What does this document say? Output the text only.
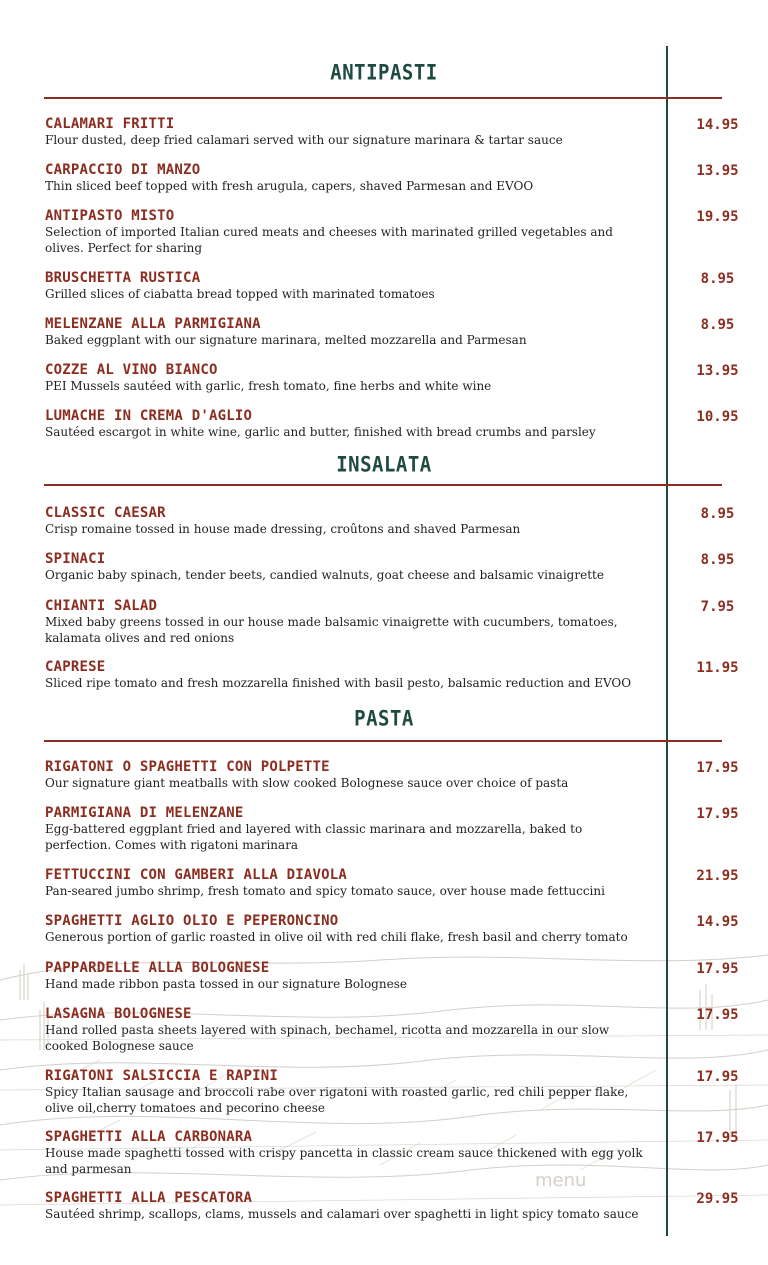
menu
ANTIPASTI
CALAMARI FRITTI
Flour dusted, deep fried calamari served with our signature marinara & tartar sauce
14.95
CARPACCIO DI MANZO
Thin sliced beef topped with fresh arugula, capers, shaved Parmesan and EVOO
13.95
ANTIPASTO MISTO
Selection of imported Italian cured meats and cheeses with marinated grilled vegetables and olives. Perfect for sharing
19.95
BRUSCHETTA RUSTICA
Grilled slices of ciabatta bread topped with marinated tomatoes
8.95
MELENZANE ALLA PARMIGIANA
Baked eggplant with our signature marinara, melted mozzarella and Parmesan
8.95
COZZE AL VINO BIANCO
PEI Mussels sautéed with garlic, fresh tomato, fine herbs and white wine
13.95
LUMACHE IN CREMA D'AGLIO
Sautéed escargot in white wine, garlic and butter, finished with bread crumbs and parsley
10.95
INSALATA
CLASSIC CAESAR
Crisp romaine tossed in house made dressing, croûtons and shaved Parmesan
8.95
SPINACI
Organic baby spinach, tender beets, candied walnuts, goat cheese and balsamic vinaigrette
8.95
CHIANTI SALAD
Mixed baby greens tossed in our house made balsamic vinaigrette with cucumbers, tomatoes, kalamata olives and red onions
7.95
CAPRESE
Sliced ripe tomato and fresh mozzarella finished with basil pesto, balsamic reduction and EVOO
11.95
PASTA
RIGATONI O SPAGHETTI CON POLPETTE
Our signature giant meatballs with slow cooked Bolognese sauce over choice of pasta
17.95
PARMIGIANA DI MELENZANE
Egg-battered eggplant fried and layered with classic marinara and mozzarella, baked to perfection. Comes with rigatoni marinara
17.95
FETTUCCINI CON GAMBERI ALLA DIAVOLA
Pan-seared jumbo shrimp, fresh tomato and spicy tomato sauce, over house made fettuccini
21.95
SPAGHETTI AGLIO OLIO E PEPERONCINO
Generous portion of garlic roasted in olive oil with red chili flake, fresh basil and cherry tomato
14.95
PAPPARDELLE ALLA BOLOGNESE
Hand made ribbon pasta tossed in our signature Bolognese
17.95
LASAGNA BOLOGNESE
Hand rolled pasta sheets layered with spinach, bechamel, ricotta and mozzarella in our slow cooked Bolognese sauce
17.95
RIGATONI SALSICCIA E RAPINI
Spicy Italian sausage and broccoli rabe over rigatoni with roasted garlic, red chili pepper flake, olive oil,cherry tomatoes and pecorino cheese
17.95
SPAGHETTI ALLA CARBONARA
House made spaghetti tossed with crispy pancetta in classic cream sauce thickened with egg yolk and parmesan
17.95
SPAGHETTI ALLA PESCATORA
Sautéed shrimp, scallops, clams, mussels and calamari over spaghetti in light spicy tomato sauce
29.95
